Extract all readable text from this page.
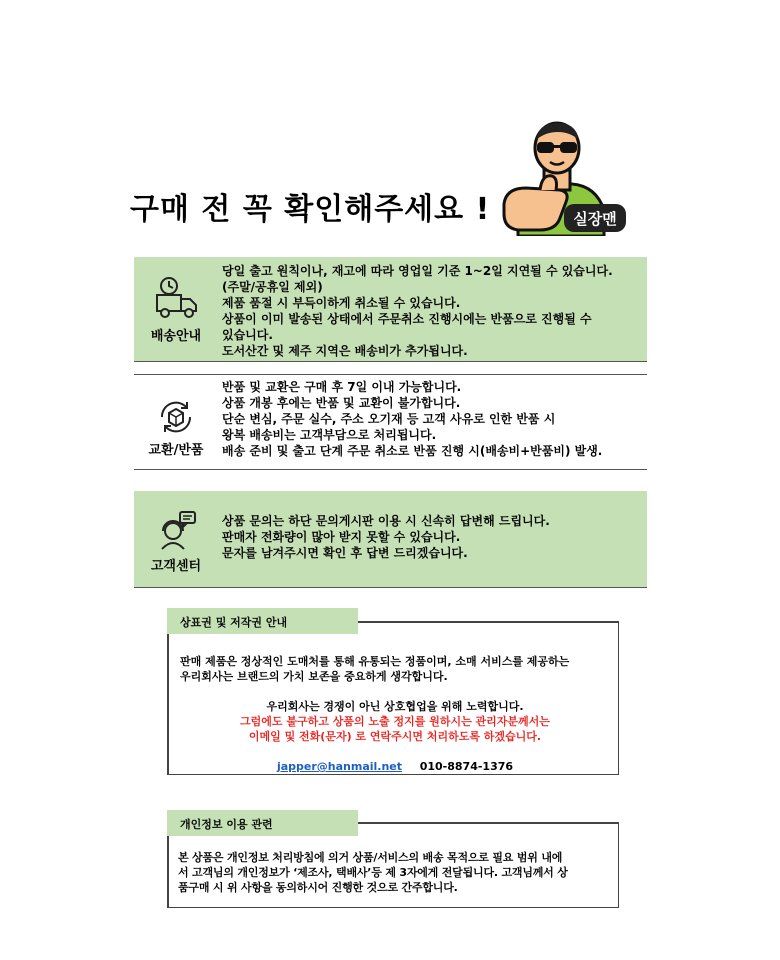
구매 전 꼭 확인해주세요 !	실장맨
배송안내
당일 출고 원칙이나, 재고에 따라 영업일 기준 1~2일 지연될 수 있습니다.
(주말/공휴일 제외)
제품 품절 시 부득이하게 취소될 수 있습니다.
상품이 이미 발송된 상태에서 주문취소 진행시에는 반품으로 진행될 수
있습니다.
도서산간 및 제주 지역은 배송비가 추가됩니다.
교환/반품
반품 및 교환은 구매 후 7일 이내 가능합니다.
상품 개봉 후에는 반품 및 교환이 불가합니다.
단순 변심, 주문 실수, 주소 오기재 등 고객 사유로 인한 반품 시
왕복 배송비는 고객부담으로 처리됩니다.
배송 준비 및 출고 단계 주문 취소로 반품 진행 시(배송비+반품비) 발생.
고객센터
상품 문의는 하단 문의게시판 이용 시 신속히 답변해 드립니다.
판매자 전화량이 많아 받지 못할 수 있습니다.
문자를 남겨주시면 확인 후 답변 드리겠습니다.
상표권 및 저작권 안내
판매 제품은 정상적인 도매처를 통해 유통되는 정품이며, 소매 서비스를 제공하는
우리회사는 브랜드의 가치 보존을 중요하게 생각합니다.
우리회사는 경쟁이 아닌 상호협업을 위해 노력합니다.
그럼에도 불구하고 상품의 노출 정지를 원하시는 관리자분께서는
이메일 및 전화(문자) 로 연락주시면 처리하도록 하겠습니다.
japper@hanmail.net 010-8874-1376
개인정보 이용 관련
본 상품은 개인정보 처리방침에 의거 상품/서비스의 배송 목적으로 필요 범위 내에
서 고객님의 개인정보가 ‘제조사, 택배사’등 제 3자에게 전달됩니다. 고객님께서 상
품구매 시 위 사항을 동의하시어 진행한 것으로 간주합니다.
